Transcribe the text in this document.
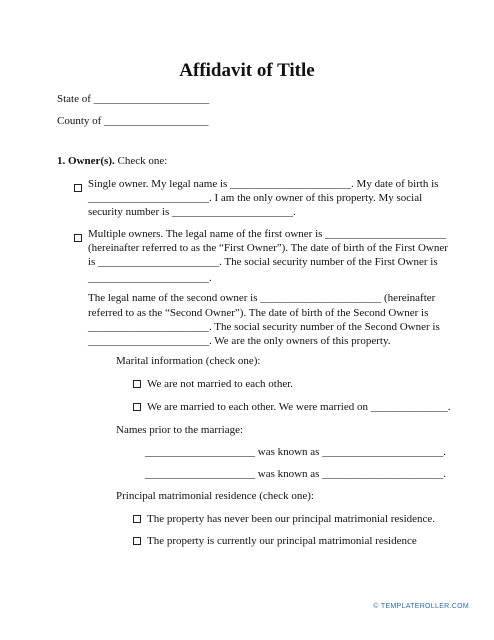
Affidavit of Title
State of _____________________
County of ___________________
1. Owner(s). Check one:
Single owner. My legal name is ______________________. My date of birth is
______________________. I am the only owner of this property. My social
security number is ______________________.
Multiple owners. The legal name of the first owner is ______________________
(hereinafter referred to as the “First Owner”). The date of birth of the First Owner
is ______________________. The social security number of the First Owner is
______________________.
The legal name of the second owner is ______________________ (hereinafter
referred to as the “Second Owner”). The date of birth of the Second Owner is
______________________. The social security number of the Second Owner is
______________________. We are the only owners of this property.
Marital information (check one):
We are not married to each other.
We are married to each other. We were married on ______________.
Names prior to the marriage:
____________________ was known as ______________________.
____________________ was known as ______________________.
Principal matrimonial residence (check one):
The property has never been our principal matrimonial residence.
The property is currently our principal matrimonial residence
© TEMPLATEROLLER.COM
